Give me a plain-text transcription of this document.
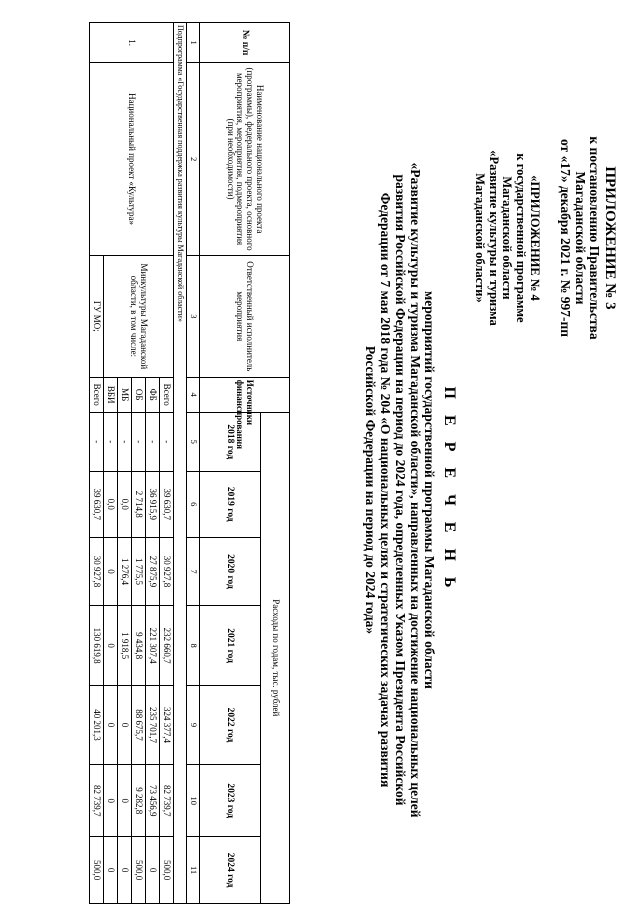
ПРИЛОЖЕНИЕ № 3
к постановлению Правительства
Магаданской области
от «17» декабря 2021 г. № 997-пп
«ПРИЛОЖЕНИЕ № 4
к государственной программе
Магаданской области
«Развитие культуры и туризма
Магаданской области»
П Е Р Е Ч Е Н Ь
мероприятий государственной программы Магаданской области
«Развитие культуры и туризма Магаданской области», направленных на достижение национальных целей
развития Российской Федерации на период до 2024 года, определенных Указом Президента Российской
Федерации от 7 мая 2018 года № 204 «О национальных целях и стратегических задачах развития
Российской Федерации на период до 2024 года»
№ п/п	Наименование национального проекта (программы), федерального проекта, основного мероприятия, мероприятия, подмероприятия (при необходимости)	Ответственный исполнитель мероприятия	Источники финансирования	Расходы по годам, тыс. рублей						
				2018 год	2019 год	2020 год	2021 год	2022 год	2023 год	2024 год
1	2	3	4	5	6	7	8	9	10	11
Подпрограмма «Государственная поддержка развития культуры Магаданской области»										
1.	Национальный проект «Культура»	Минкультуры Магаданской области, в том числе:	Всего	-	39 630,7	30 927,8	232 660,7	324 377,4	82 739,7	500,0
			ФБ	-	36 915,9	27 875,9	221 307,4	235 701,7	73 456,9	0
			ОБ	-	2 714,8	1 775,5	9 434,8	88 675,7	9 282,8	500,0
			МБ	-	0,0	1 276,4	1 918,5	0	0	0
			ВБИ	-	0,0	0	0	0	0	0
		ГУ МО;	Всего	-	39 630,7	30 927,8	130 619,8	40 201,3	82 739,7	500,0
